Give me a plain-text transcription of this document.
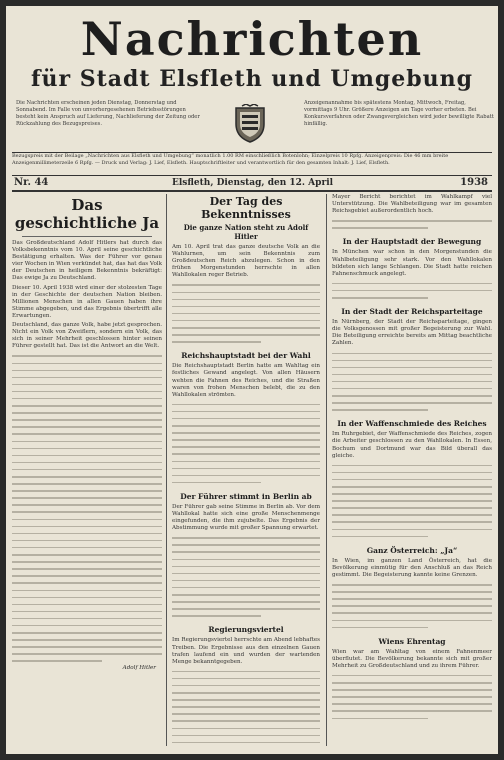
Nachrichten
für Stadt Elsfleth und Umgebung
Die Nachrichten erscheinen jeden Dienstag, Donnerstag und Sonnabend. Im Falle von unvorhergesehenen Betriebsstörungen besteht kein Anspruch auf Lieferung, Nachlieferung der Zeitung oder Rückzahlung des Bezugspreises.
Anzeigenannahme bis spätestens Montag, Mittwoch, Freitag, vormittags 9 Uhr. Größere Anzeigen am Tage vorher erbeten. Bei Konkursverfahren oder Zwangsvergleichen wird jeder bewilligte Rabatt hinfällig.
Bezugspreis mit der Beilage „Nachrichten aus Elsfleth und Umgebung“ monatlich 1.00 RM einschließlich Botenlohn; Einzelpreis 10 Rpfg. Anzeigenpreis: Die 46 mm breite Anzeigenmillimeterzeile 6 Rpfg. — Druck und Verlag: J. Lief, Elsfleth. Hauptschriftleiter und verantwortlich für den gesamten Inhalt: J. Lief, Elsfleth.
Nr. 44	Elsfleth, Dienstag, den 12. April	1938
Das geschichtliche Ja

Das Großdeutschland Adolf Hitlers hat durch das Volksbekenntnis vom 10. April seine geschichtliche Bestätigung erhalten. Was der Führer vor genau vier Wochen in Wien verkündet hat, das hat das Volk der Deutschen in heiligem Bekenntnis bekräftigt: Das ewige Ja zu Deutschland.

Dieser 10. April 1938 wird einer der stolzesten Tage in der Geschichte der deutschen Nation bleiben. Millionen Menschen in allen Gauen haben ihre Stimme abgegeben, und das Ergebnis übertrifft alle Erwartungen.

Deutschland, das ganze Volk, habe jetzt gesprochen. Nicht ein Volk von Zweiflern, sondern ein Volk, das sich in seiner Mehrheit geschlossen hinter seinen Führer gestellt hat. Das ist die Antwort an die Welt.

Adolf Hitler
Der Tag des Bekenntnisses
Die ganze Nation steht zu Adolf Hitler

Am 10. April trat das ganze deutsche Volk an die Wahlurnen, um sein Bekenntnis zum Großdeutschen Reich abzulegen. Schon in den frühen Morgenstunden herrschte in allen Wahllokalen reger Betrieb.

Reichshauptstadt bei der Wahl

Die Reichshauptstadt Berlin hatte am Wahltag ein festliches Gewand angelegt. Von allen Häusern wehten die Fahnen des Reiches, und die Straßen waren von frohen Menschen belebt, die zu den Wahllokalen strömten.

Der Führer stimmt in Berlin ab

Der Führer gab seine Stimme in Berlin ab. Vor dem Wahllokal hatte sich eine große Menschenmenge eingefunden, die ihm zujubelte. Das Ergebnis der Abstimmung wurde mit großer Spannung erwartet.

Regierungsviertel

Im Regierungsviertel herrschte am Abend lebhaftes Treiben. Die Ergebnisse aus den einzelnen Gauen trafen laufend ein und wurden der wartenden Menge bekanntgegeben.

Mayer Bericht berichtet im Wahlkampf viel Unterstützung. Die Wahlbeteiligung war im gesamten Reichsgebiet außerordentlich hoch.

In der Hauptstadt der Bewegung

In München war schon in den Morgenstunden die Wahlbeteiligung sehr stark. Vor den Wahllokalen bildeten sich lange Schlangen. Die Stadt hatte reichen Fahnenschmuck angelegt.

In der Stadt der Reichsparteitage

In Nürnberg, der Stadt der Reichsparteitage, gingen die Volksgenossen mit großer Begeisterung zur Wahl. Die Beteiligung erreichte bereits am Mittag beachtliche Zahlen.

In der Waffenschmiede des Reiches

Im Ruhrgebiet, der Waffenschmiede des Reiches, zogen die Arbeiter geschlossen zu den Wahllokalen. In Essen, Bochum und Dortmund war das Bild überall das gleiche.

Ganz Österreich: „Ja“

In Wien, im ganzen Land Österreich, hat die Bevölkerung einmütig für den Anschluß an das Reich gestimmt. Die Begeisterung kannte keine Grenzen.

Wiens Ehrentag

Wien war am Wahltag von einem Fahnenmeer überflutet. Die Bevölkerung bekannte sich mit großer Mehrheit zu Großdeutschland und zu ihrem Führer.
